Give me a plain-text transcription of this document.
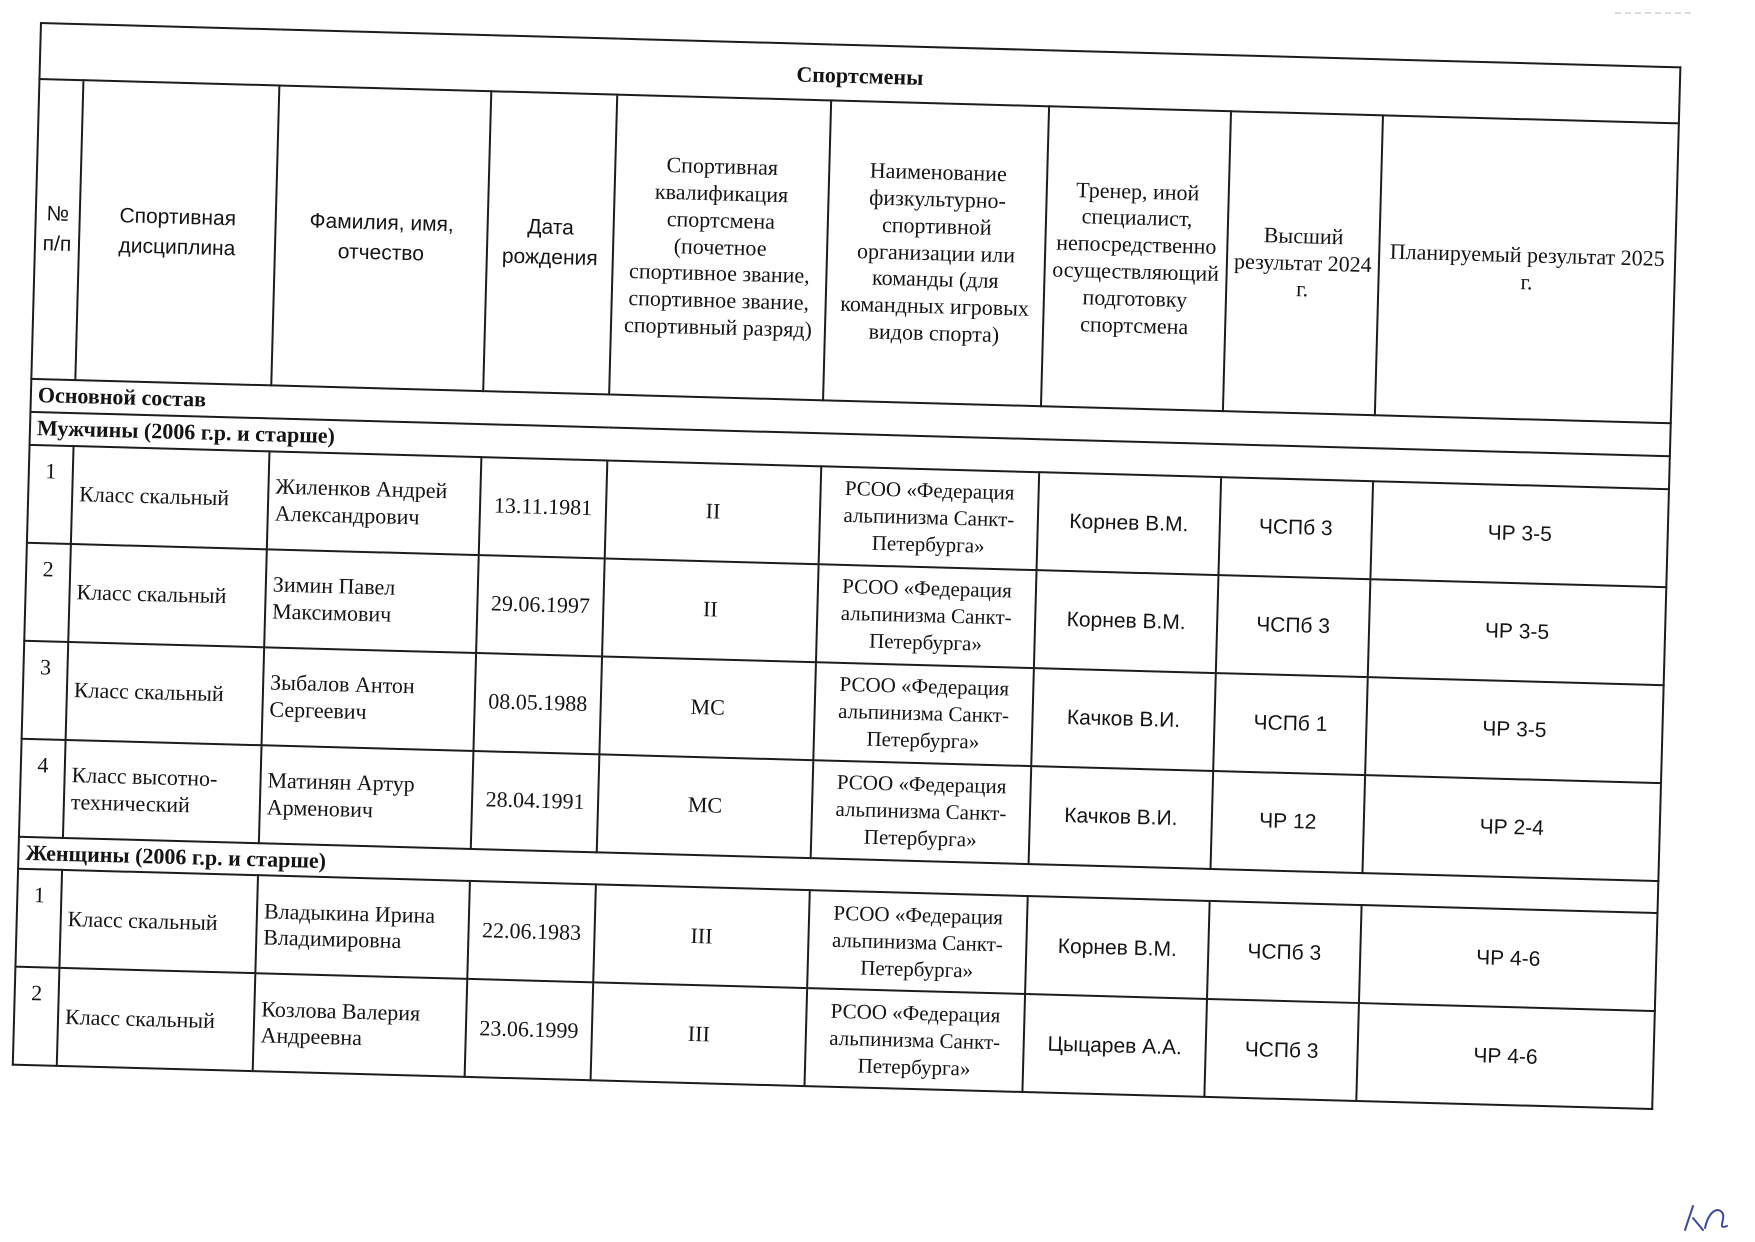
Спортсмены								
№ п/п	Спортивная дисциплина	Фамилия, имя, отчество	Дата рождения	Спортивная квалификация спортсмена (почетное спортивное звание, спортивное звание, спортивный разряд)	Наименование физкультурно-спортивной организации или команды (для командных игровых видов спорта)	Тренер, иной специалист, непосредственно осуществляющий подготовку спортсмена	Высший результат 2024 г.	Планируемый результат 2025 г.
Основной состав								
Мужчины (2006 г.р. и старше)								
1	Класс скальный	Жиленков Андрей Александрович	13.11.1981	II	РСОО «Федерация альпинизма Санкт-Петербурга»	Корнев В.М.	ЧСПб 3	ЧР 3-5
2	Класс скальный	Зимин Павел Максимович	29.06.1997	II	РСОО «Федерация альпинизма Санкт-Петербурга»	Корнев В.М.	ЧСПб 3	ЧР 3-5
3	Класс скальный	Зыбалов Антон Сергеевич	08.05.1988	МС	РСОО «Федерация альпинизма Санкт-Петербурга»	Качков В.И.	ЧСПб 1	ЧР 3-5
4	Класс высотно-технический	Матинян Артур Арменович	28.04.1991	МС	РСОО «Федерация альпинизма Санкт-Петербурга»	Качков В.И.	ЧР 12	ЧР 2-4
Женщины (2006 г.р. и старше)								
1	Класс скальный	Владыкина Ирина Владимировна	22.06.1983	III	РСОО «Федерация альпинизма Санкт-Петербурга»	Корнев В.М.	ЧСПб 3	ЧР 4-6
2	Класс скальный	Козлова Валерия Андреевна	23.06.1999	III	РСОО «Федерация альпинизма Санкт-Петербурга»	Цыцарев А.А.	ЧСПб 3	ЧР 4-6
